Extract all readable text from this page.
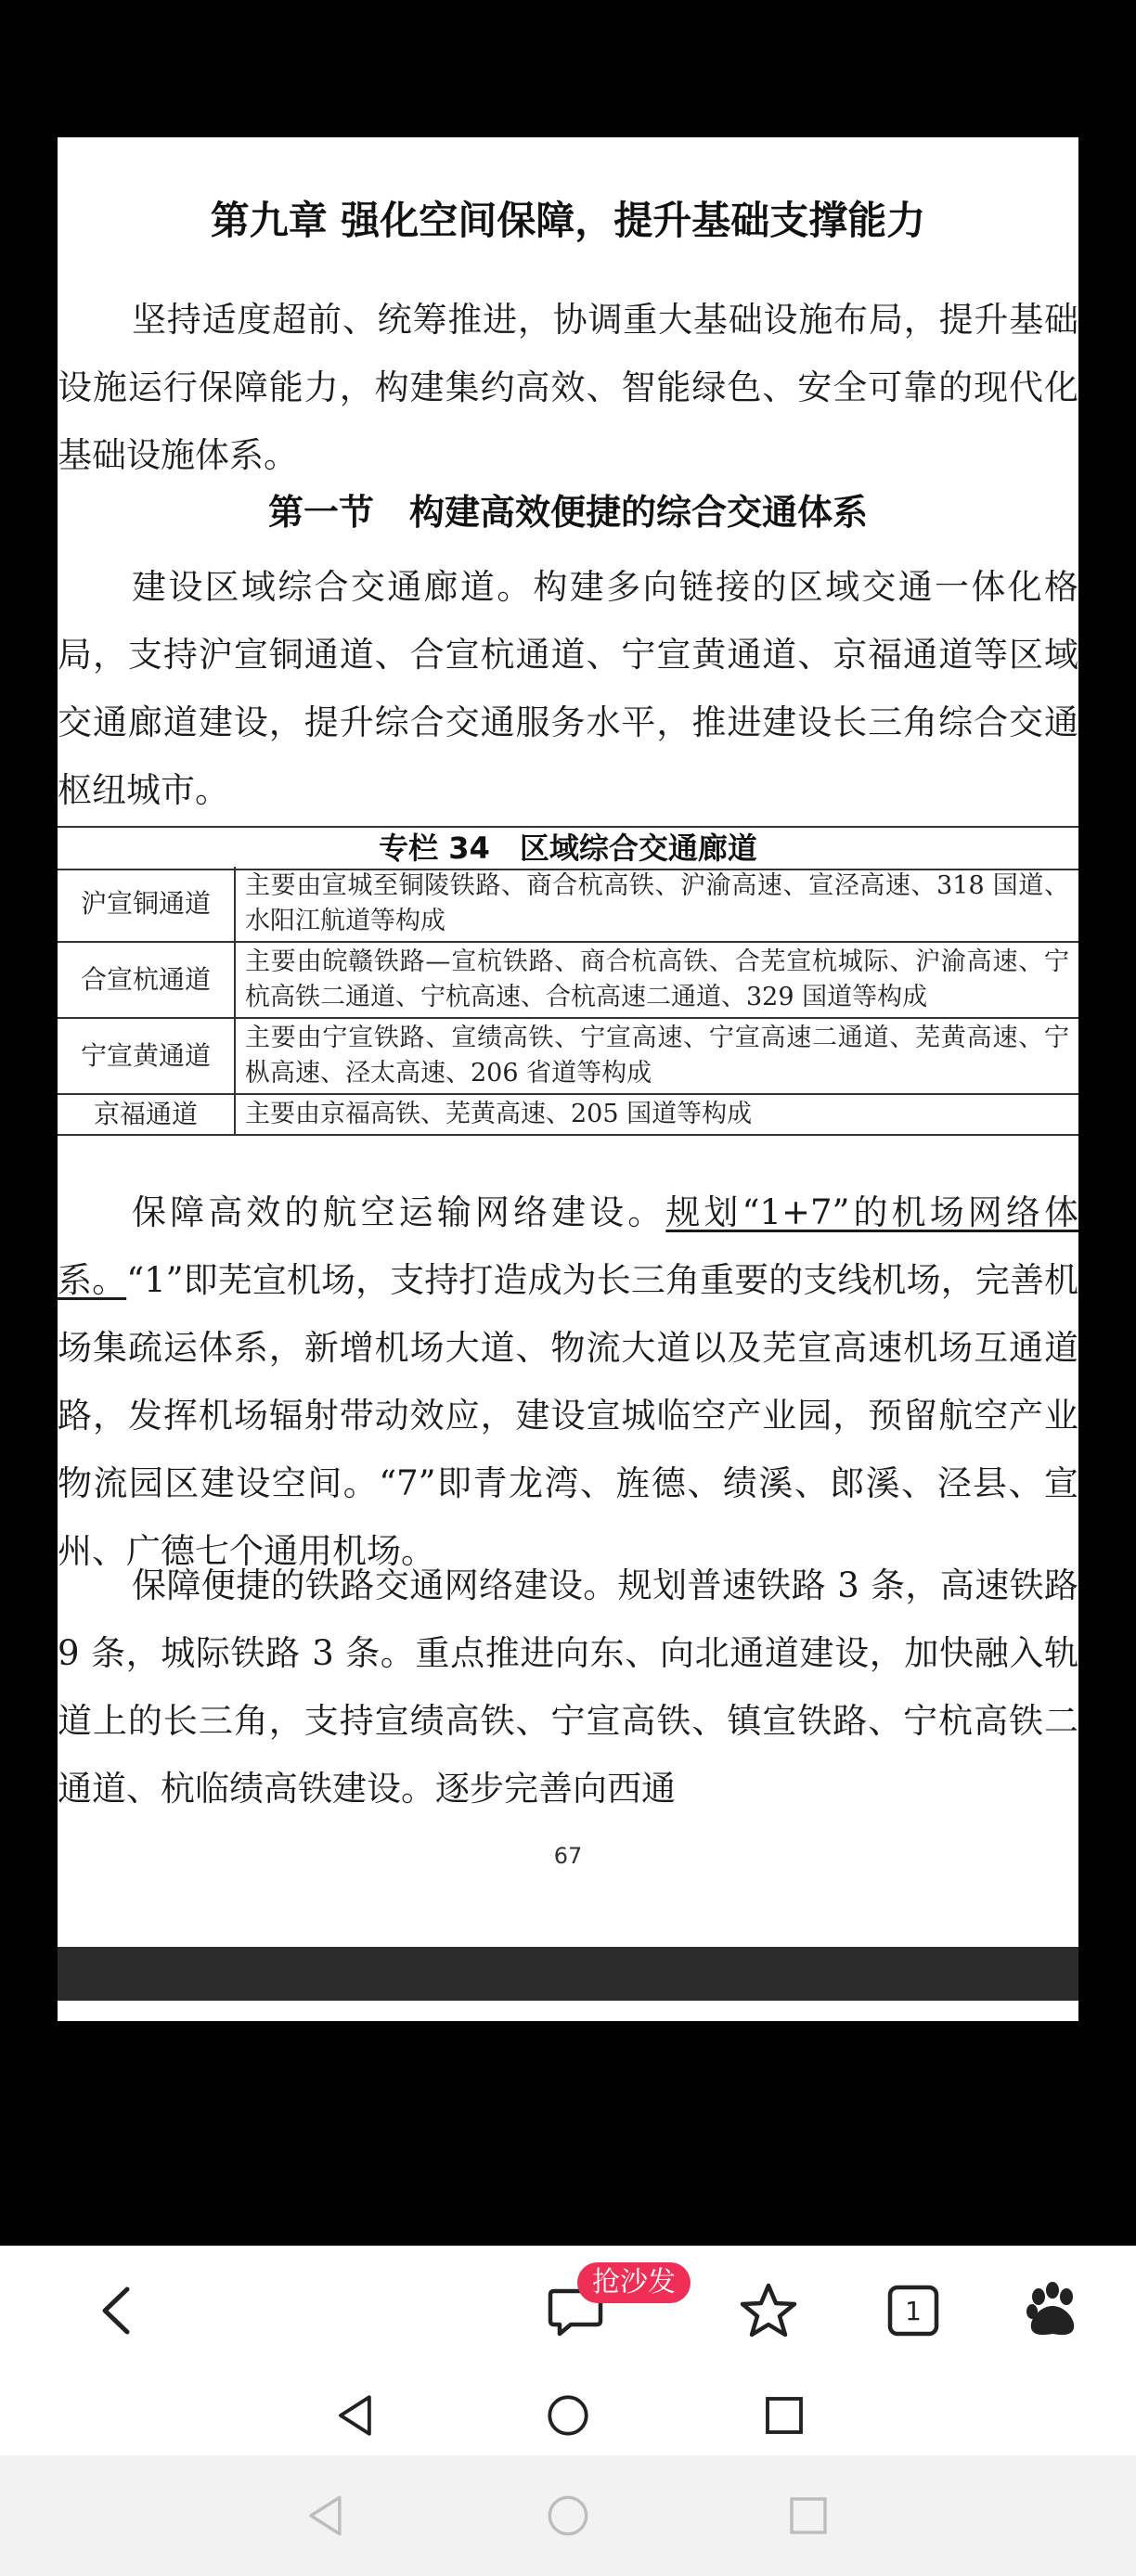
第九章 强化空间保障，提升基础支撑能力

坚持适度超前、统筹推进，协调重大基础设施布局，提升基础设施运行保障能力，构建集约高效、智能绿色、安全可靠的现代化基础设施体系。

第一节　构建高效便捷的综合交通体系

建设区域综合交通廊道。构建多向链接的区域交通一体化格局，支持沪宣铜通道、合宣杭通道、宁宣黄通道、京福通道等区域交通廊道建设，提升综合交通服务水平，推进建设长三角综合交通枢纽城市。

专栏 34　区域综合交通廊道
沪宣铜通道	主要由宣城至铜陵铁路、商合杭高铁、沪渝高速、宣泾高速、318 国道、水阳江航道等构成
合宣杭通道	主要由皖赣铁路—宣杭铁路、商合杭高铁、合芜宣杭城际、沪渝高速、宁杭高铁二通道、宁杭高速、合杭高速二通道、329 国道等构成
宁宣黄通道	主要由宁宣铁路、宣绩高铁、宁宣高速、宁宣高速二通道、芜黄高速、宁枞高速、泾太高速、206 省道等构成
京福通道	主要由京福高铁、芜黄高速、205 国道等构成

保障高效的航空运输网络建设。规划“1+7”的机场网络体系。“1”即芜宣机场，支持打造成为长三角重要的支线机场，完善机场集疏运体系，新增机场大道、物流大道以及芜宣高速机场互通道路，发挥机场辐射带动效应，建设宣城临空产业园，预留航空产业物流园区建设空间。“7”即青龙湾、旌德、绩溪、郎溪、泾县、宣州、广德七个通用机场。

保障便捷的铁路交通网络建设。规划普速铁路 3 条，高速铁路 9 条，城际铁路 3 条。重点推进向东、向北通道建设，加快融入轨道上的长三角，支持宣绩高铁、宁宣高铁、镇宣铁路、宁杭高铁二通道、杭临绩高铁建设。逐步完善向西通

67
1
抢沙发
